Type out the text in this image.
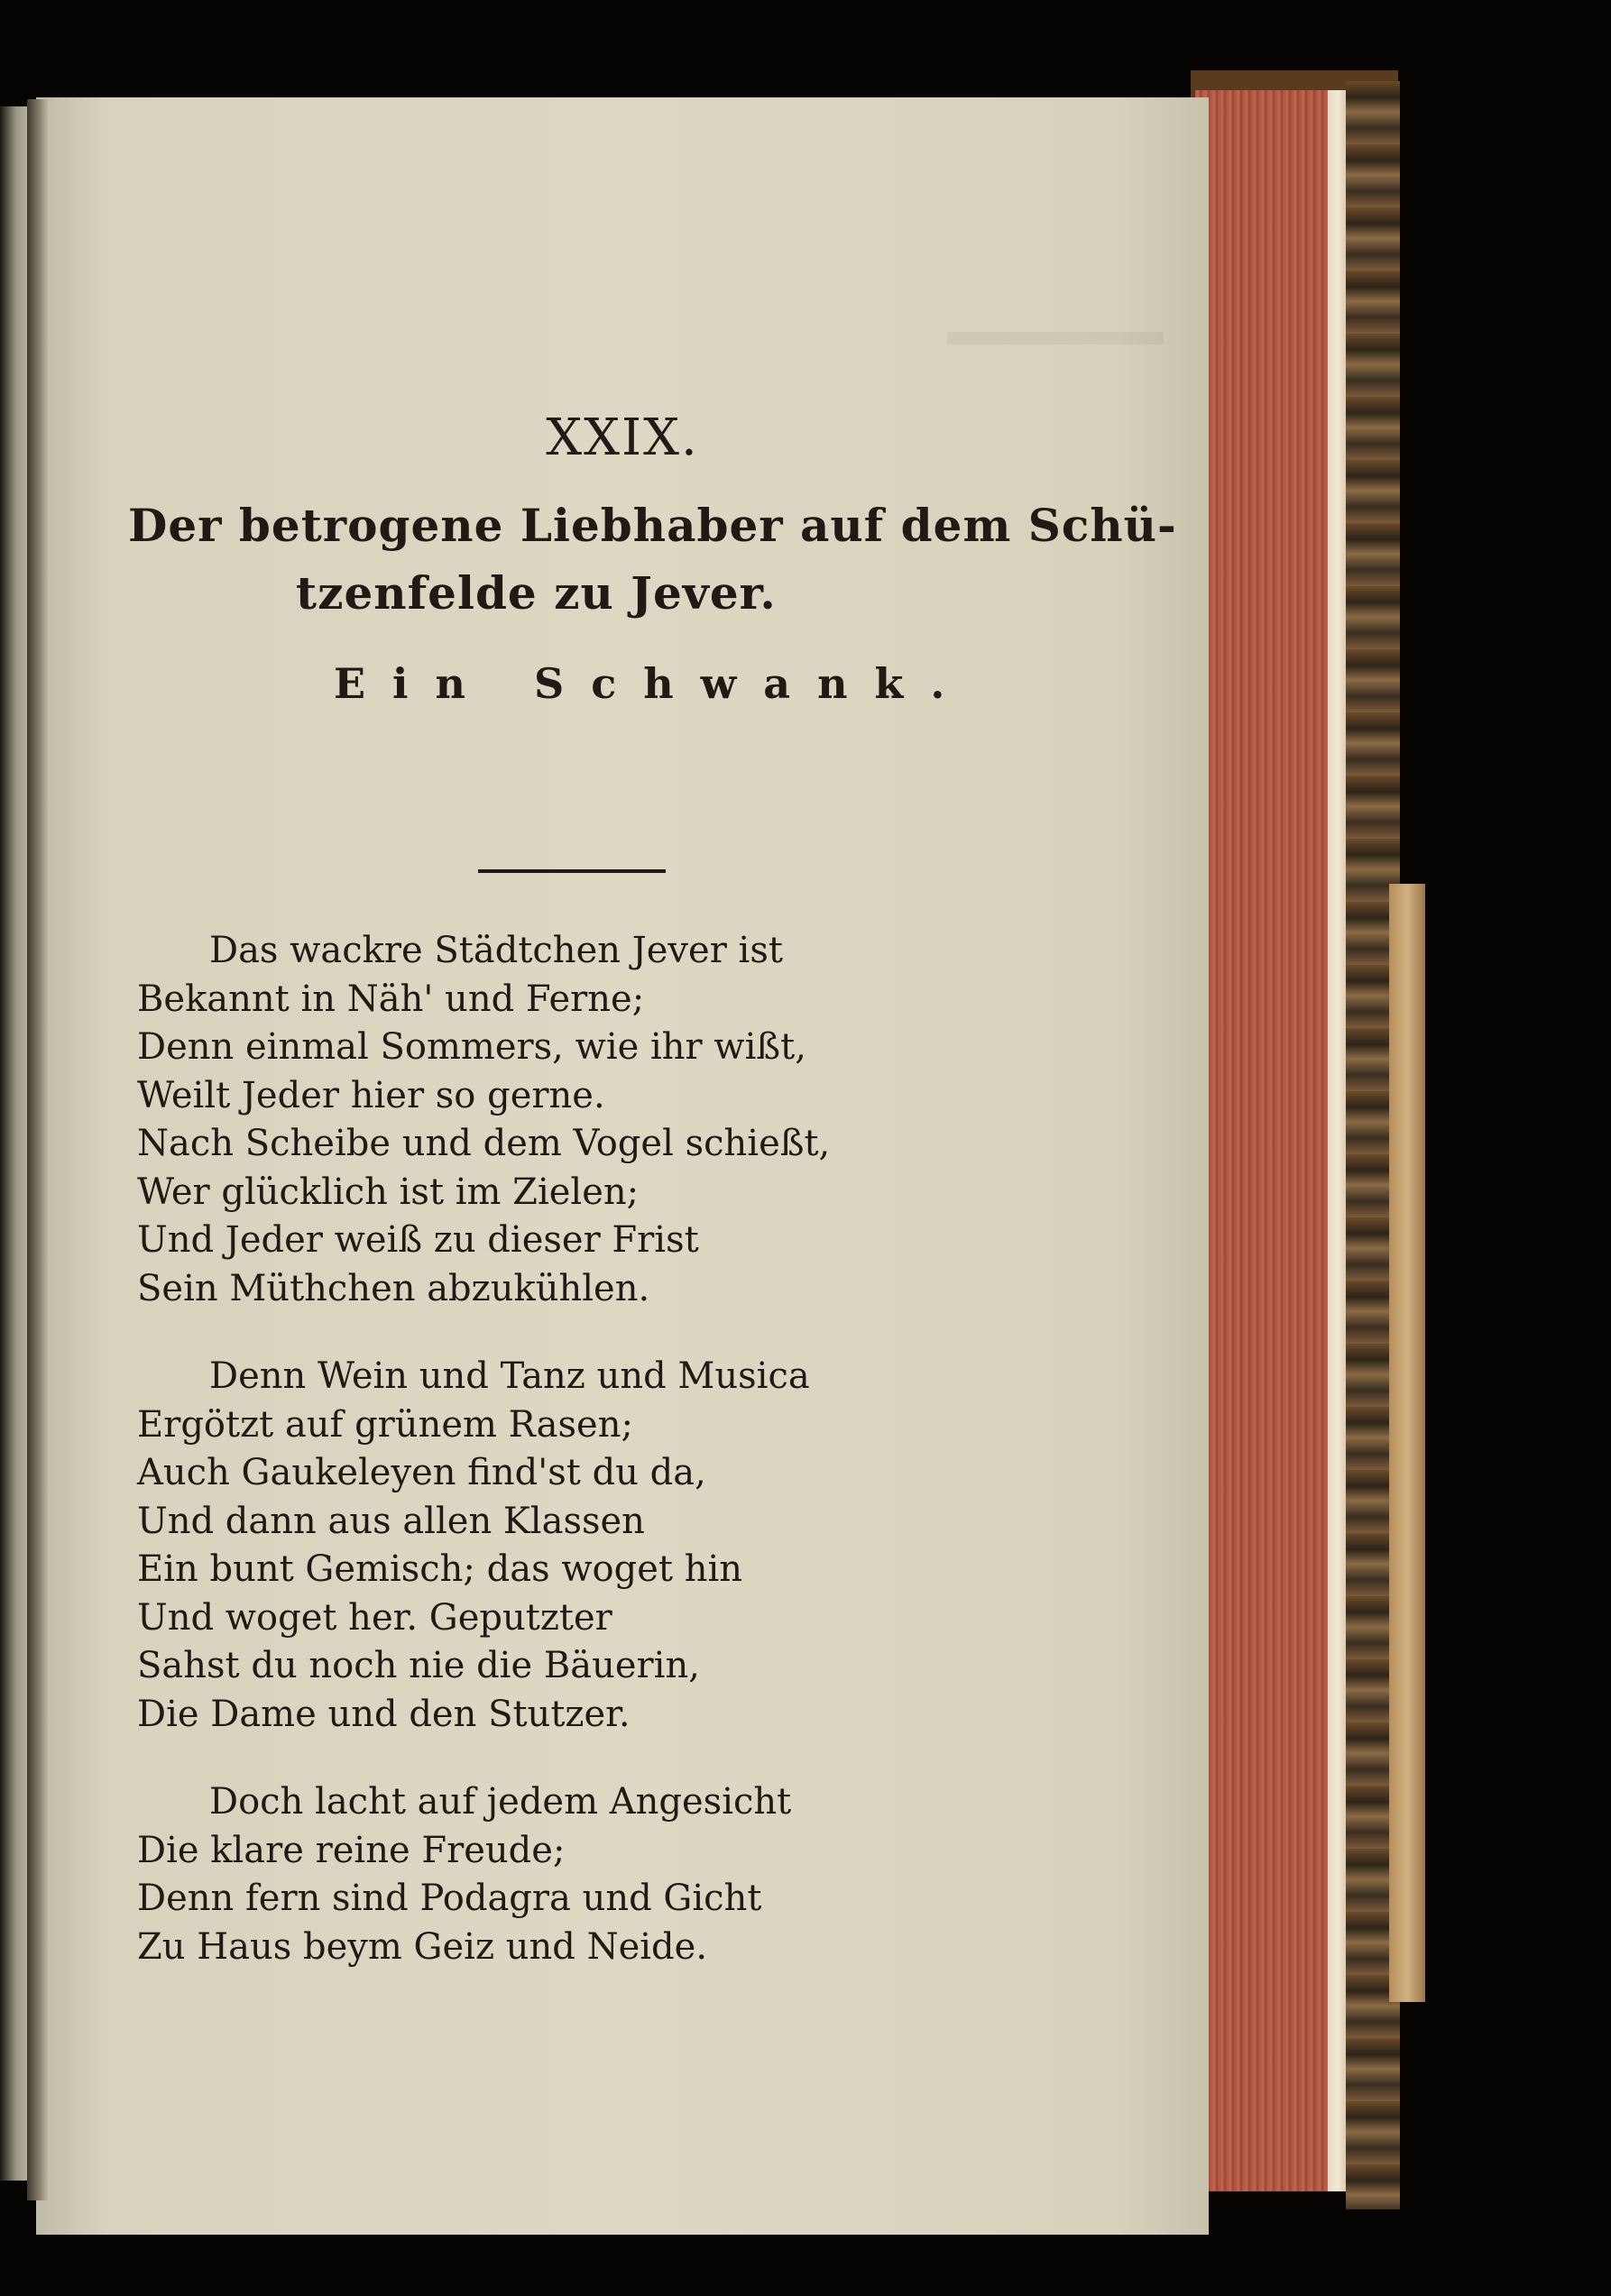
XXIX.
Der betrogene Liebhaber auf dem Schü-
tzenfelde zu Jever.
Ein Schwank.
Das wackre Städtchen Jever ist
Bekannt in Näh' und Ferne;
Denn einmal Sommers, wie ihr wißt,
Weilt Jeder hier so gerne.
Nach Scheibe und dem Vogel schießt,
Wer glücklich ist im Zielen;
Und Jeder weiß zu dieser Frist
Sein Müthchen abzukühlen.
Denn Wein und Tanz und Musica
Ergötzt auf grünem Rasen;
Auch Gaukeleyen find'st du da,
Und dann aus allen Klassen
Ein bunt Gemisch; das woget hin
Und woget her. Geputzter
Sahst du noch nie die Bäuerin,
Die Dame und den Stutzer.
Doch lacht auf jedem Angesicht
Die klare reine Freude;
Denn fern sind Podagra und Gicht
Zu Haus beym Geiz und Neide.
